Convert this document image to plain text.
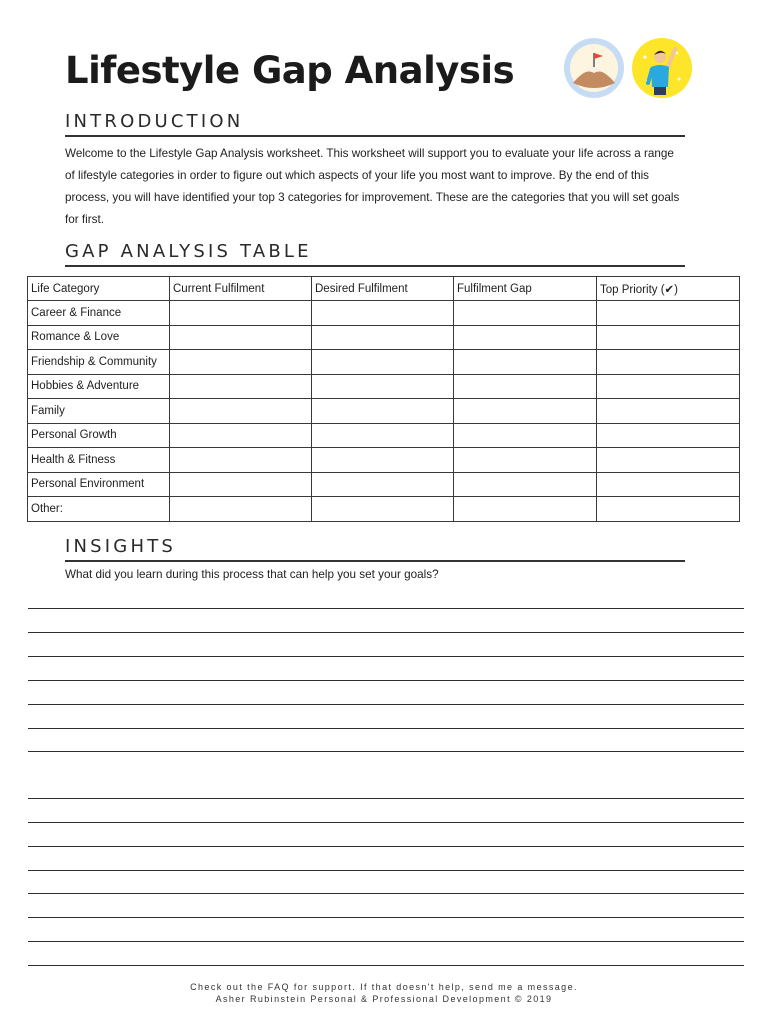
Lifestyle Gap Analysis
INTRODUCTION

Welcome to the Lifestyle Gap Analysis worksheet. This worksheet will support you to evaluate your life across a range of lifestyle categories in order to figure out which aspects of your life you most want to improve. By the end of this process, you will have identified your top 3 categories for improvement. These are the categories that you will set goals for first.

GAP ANALYSIS TABLE
Life Category	Current Fulfilment	Desired Fulfilment	Fulfilment Gap	Top Priority (✔)
Career & Finance				
Romance & Love				
Friendship & Community				
Hobbies & Adventure				
Family				
Personal Growth				
Health & Fitness				
Personal Environment				
Other:				
INSIGHTS

What did you learn during this process that can help you set your goals?

Check out the FAQ for support. If that doesn't help, send me a message.

Asher Rubinstein Personal & Professional Development © 2019
